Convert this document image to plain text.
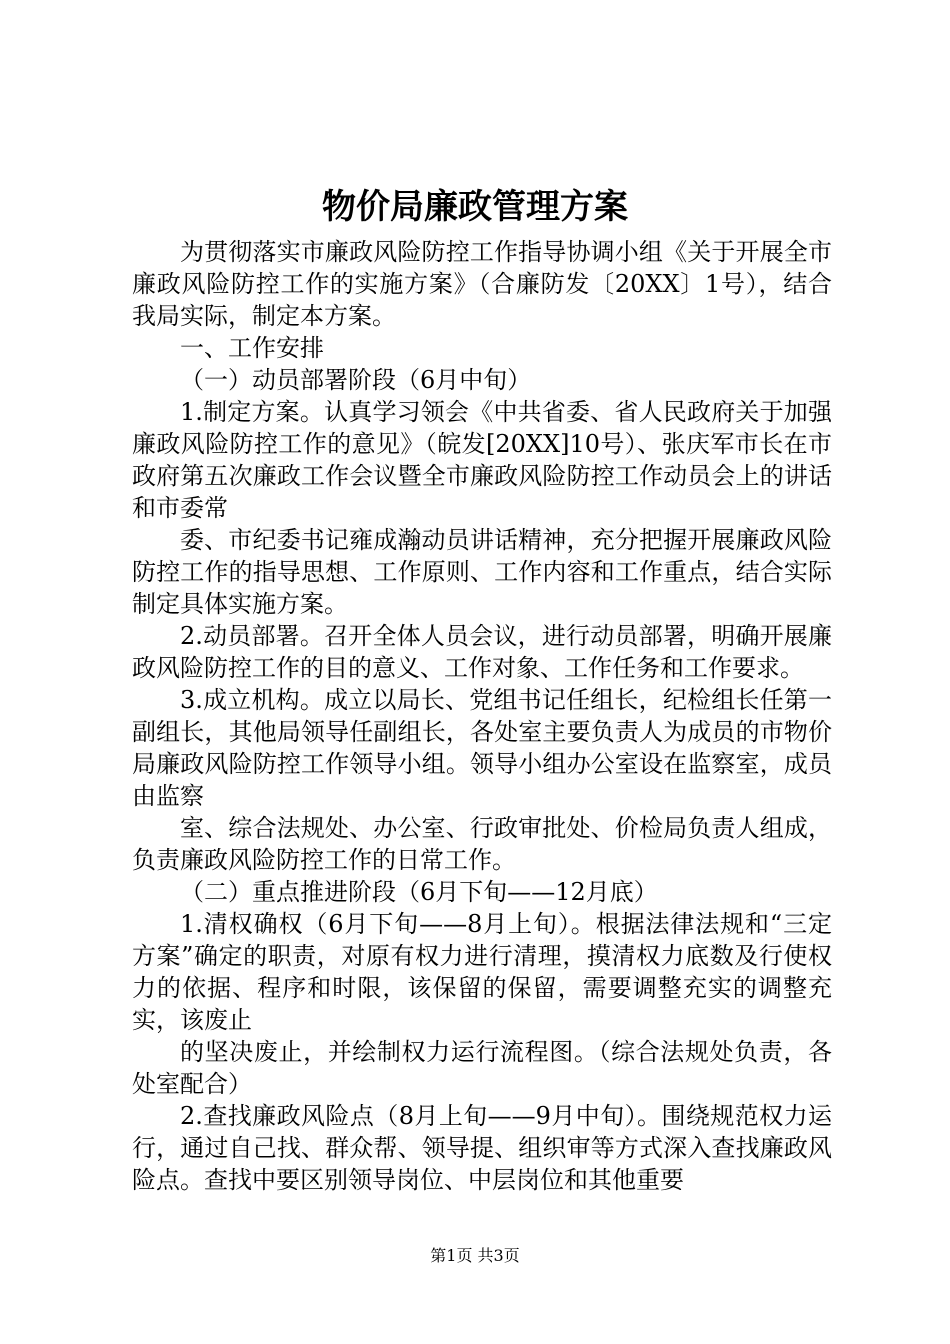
物价局廉政管理方案

为贯彻落实市廉政风险防控工作指导协调小组《关于开展全市廉政风险防控工作的实施方案》（合廉防发〔20XX〕1号），结合我局实际，制定本方案。

一、工作安排

（一）动员部署阶段（6月中旬）

1.制定方案。认真学习领会《中共省委、省人民政府关于加强廉政风险防控工作的意见》（皖发[20XX]10号）、张庆军市长在市政府第五次廉政工作会议暨全市廉政风险防控工作动员会上的讲话和市委常

委、市纪委书记雍成瀚动员讲话精神，充分把握开展廉政风险防控工作的指导思想、工作原则、工作内容和工作重点，结合实际制定具体实施方案。

2.动员部署。召开全体人员会议，进行动员部署，明确开展廉政风险防控工作的目的意义、工作对象、工作任务和工作要求。

3.成立机构。成立以局长、党组书记任组长，纪检组长任第一副组长，其他局领导任副组长，各处室主要负责人为成员的市物价局廉政风险防控工作领导小组。领导小组办公室设在监察室，成员由监察

室、综合法规处、办公室、行政审批处、价检局负责人组成，负责廉政风险防控工作的日常工作。

（二）重点推进阶段（6月下旬——12月底）

1.清权确权（6月下旬——8月上旬）。根据法律法规和“三定方案”确定的职责，对原有权力进行清理，摸清权力底数及行使权力的依据、程序和时限，该保留的保留，需要调整充实的调整充实，该废止

的坚决废止，并绘制权力运行流程图。（综合法规处负责，各处室配合）

2.查找廉政风险点（8月上旬——9月中旬）。围绕规范权力运行，通过自己找、群众帮、领导提、组织审等方式深入查找廉政风险点。查找中要区别领导岗位、中层岗位和其他重要

第1页 共3页
